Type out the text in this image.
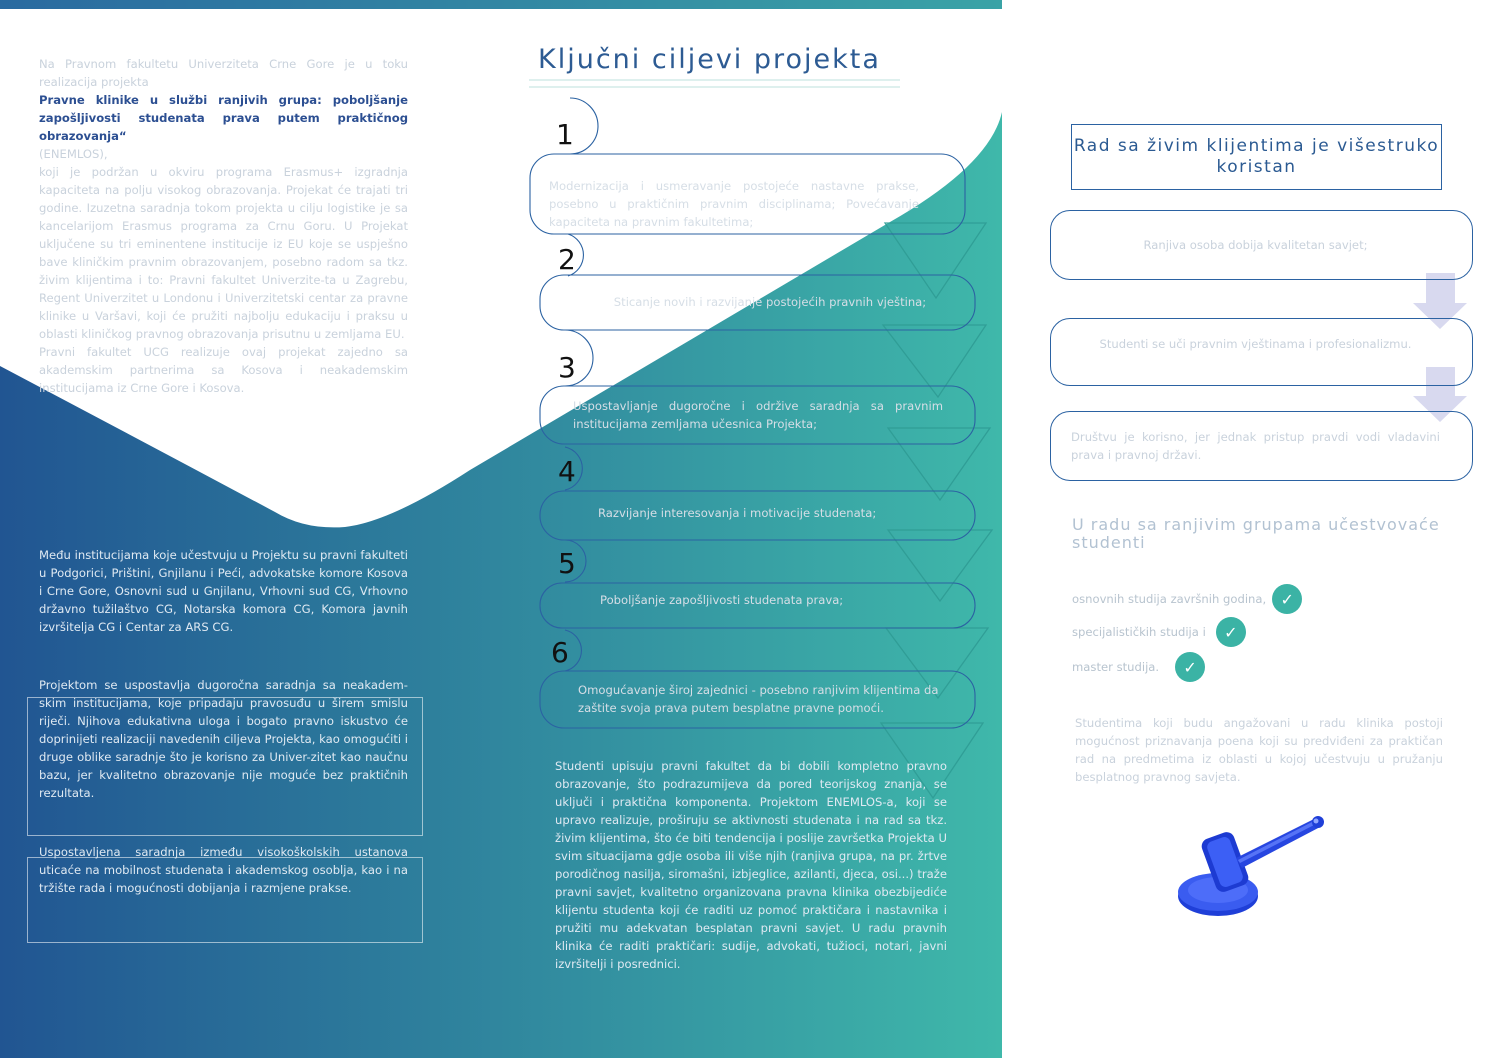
Na Pravnom fakultetu Univerziteta Crne Gore je u toku realizacija projekta
Pravne klinike u službi ranjivih grupa: poboljšanje zapošljivosti studenata prava putem praktičnog obrazovanja“
(ENEMLOS),
koji je podržan u okviru programa Erasmus+ izgradnja kapaciteta na polju visokog obrazovanja. Projekat će trajati tri godine. Izuzetna saradnja tokom projekta u cilju logistike je sa kancelarijom Erasmus programa za Crnu Goru. U Projekat uključene su tri eminentene institucije iz EU koje se uspješno bave kliničkim pravnim obrazovanjem, posebno radom sa tkz. živim klijentima i to: Pravni fakultet Univerzite-ta u Zagrebu, Regent Univerzitet u Londonu i Univerzitetski centar za pravne klinike u Varšavi, koji će pružiti najbolju edukaciju i praksu u oblasti kliničkog pravnog obrazovanja prisutnu u zemljama EU.
Pravni fakultet UCG realizuje ovaj projekat zajedno sa akademskim partnerima sa Kosova i neakademskim institucijama iz Crne Gore i Kosova.
Među institucijama koje učestvuju u Projektu su pravni fakulteti u Podgorici, Prištini, Gnjilanu i Peći, advokatske komore Kosova i Crne Gore, Osnovni sud u Gnjilanu, Vrhovni sud CG, Vrhovno državno tužilaštvo CG, Notarska komora CG, Komora javnih izvršitelja CG i Centar za ARS CG.
Projektom se uspostavlja dugoročna saradnja sa neakadem-skim institucijama, koje pripadaju pravosuđu u širem smislu riječi. Njihova edukativna uloga i bogato pravno iskustvo će doprinijeti realizaciji navedenih ciljeva Projekta, kao omogućiti i druge oblike saradnje što je korisno za Univer-zitet kao naučnu bazu, jer kvalitetno obrazovanje nije moguće bez praktičnih rezultata.
Uspostavljena saradnja između visokoškolskih ustanova uticaće na mobilnost studenata i akademskog osoblja, kao i na tržište rada i mogućnosti dobijanja i razmjene prakse.
Ključni ciljevi projekta
1
Modernizacija i usmeravanje postojeće nastavne prakse, posebno u praktičnim pravnim disciplinama; Povećavanje kapaciteta na pravnim fakultetima;
2
Sticanje novih i razvijanje postojećih pravnih vještina;
3
Uspostavljanje dugoročne i održive saradnja sa pravnim institucijama zemljama učesnica Projekta;
4
Razvijanje interesovanja i motivacije studenata;
5
Poboljšanje zapošljivosti studenata prava;
6
Omogućavanje široj zajednici - posebno ranjivim klijentima da zaštite svoja prava putem besplatne pravne pomoći.
Studenti upisuju pravni fakultet da bi dobili kompletno pravno obrazovanje, što podrazumijeva da pored teorijskog znanja, se uključi i praktična komponenta. Projektom ENEMLOS-a, koji se upravo realizuje, proširuju se aktivnosti studenata i na rad sa tkz. živim klijentima, što će biti tendencija i poslije završetka Projekta U svim situacijama gdje osoba ili više njih (ranjiva grupa, na pr. žrtve porodičnog nasilja, siromašni, izbjeglice, azilanti, djeca, osi...) traže pravni savjet, kvalitetno organizovana pravna klinika obezbijediće klijentu studenta koji će raditi uz pomoć praktičara i nastavnika i pružiti mu adekvatan besplatan pravni savjet. U radu pravnih klinika će raditi praktičari: sudije, advokati, tužioci, notari, javni izvršitelji i posrednici.
Rad sa živim klijentima je višestruko koristan
Ranjiva osoba dobija kvalitetan savjet;
Studenti se uči pravnim vještinama i profesionalizmu.
Društvu je korisno, jer jednak pristup pravdi vodi vladavini prava i pravnoj državi.
U radu sa ranjivim grupama učestvovaće studenti
osnovnih studija završnih godina, ✓
specijalističkih studija i	✓
master studija.	✓
Studentima koji budu angažovani u radu klinika postoji mogućnost priznavanja poena koji su predviđeni za praktičan rad na predmetima iz oblasti u kojoj učestvuju u pružanju besplatnog pravnog savjeta.
